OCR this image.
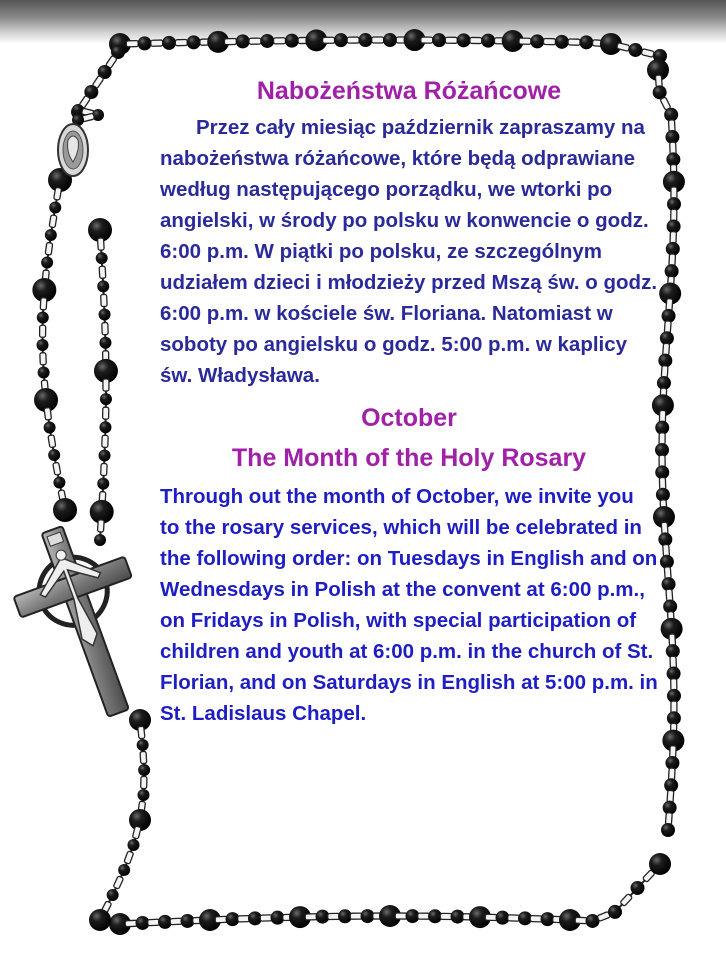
Nabożeństwa Różańcowe

Przez cały miesiąc październik zapraszamy na nabożeństwa różańcowe, które będą odprawiane według następującego porządku, we wtorki po angielski, w środy po polsku w konwencie o godz. 6:00 p.m. W piątki po polsku, ze szczególnym udziałem dzieci i młodzieży przed Mszą św. o godz. 6:00 p.m. w kościele św. Floriana. Natomiast w soboty po angielsku o godz. 5:00 p.m. w kaplicy św. Władysława.

October

The Month of the Holy Rosary

Through out the month of October, we invite you to the rosary services, which will be celebrated in the following order: on Tuesdays in English and on Wednesdays in Polish at the convent at 6:00 p.m., on Fridays in Polish, with special participation of children and youth at 6:00 p.m. in the church of St. Florian, and on Saturdays in English at 5:00 p.m. in St. Ladislaus Chapel.
